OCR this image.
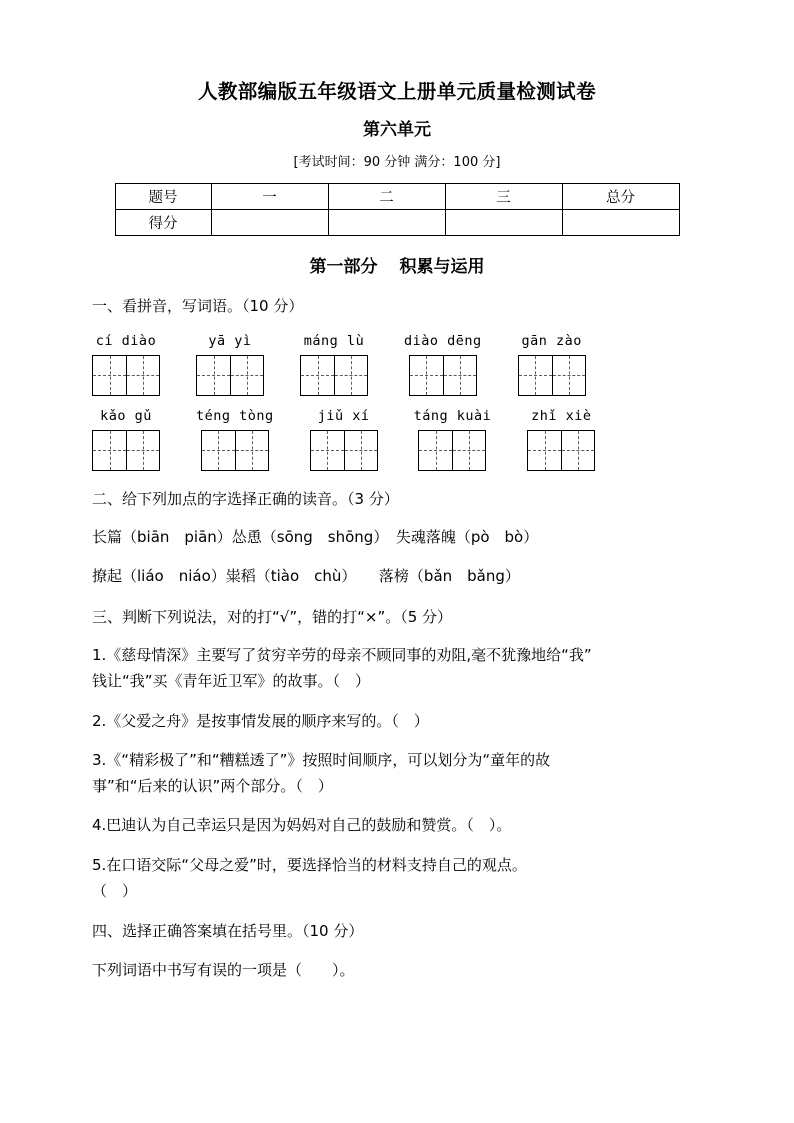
人教部编版五年级语文上册单元质量检测试卷
第六单元

[考试时间：90 分钟 满分：100 分]

题号	一	二	三	总分
得分				
第一部分 积累与运用

一、看拼音，写词语。（10 分）

cí diào	yā yì	máng lù	diào dēng	gān zào
kǎo gǔ	téng tòng	jiǔ xí	táng kuài	zhǐ xiè

二、给下列加点的字选择正确的读音。（3 分）

长篇（biān　piān）怂恿（sōng　shōng）　失魂落魄（pò　bò）

撩起（liáo　niáo）粜稻（tiào　chù）　　落榜（bǎn　bǎng）

三、判断下列说法，对的打“√”，错的打“×”。（5 分）

1.《慈母情深》主要写了贫穷辛劳的母亲不顾同事的劝阻,毫不犹豫地给“我”

钱让“我”买《青年近卫军》的故事。（　）

2.《父爱之舟》是按事情发展的顺序来写的。（　）

3.《“精彩极了”和“糟糕透了”》按照时间顺序，可以划分为“童年的故

事”和“后来的认识”两个部分。（　）

4.巴迪认为自己幸运只是因为妈妈对自己的鼓励和赞赏。（　）。

5.在口语交际“父母之爱”时，要选择恰当的材料支持自己的观点。

（　）

四、选择正确答案填在括号里。（10 分）

下列词语中书写有误的一项是（　　）。
